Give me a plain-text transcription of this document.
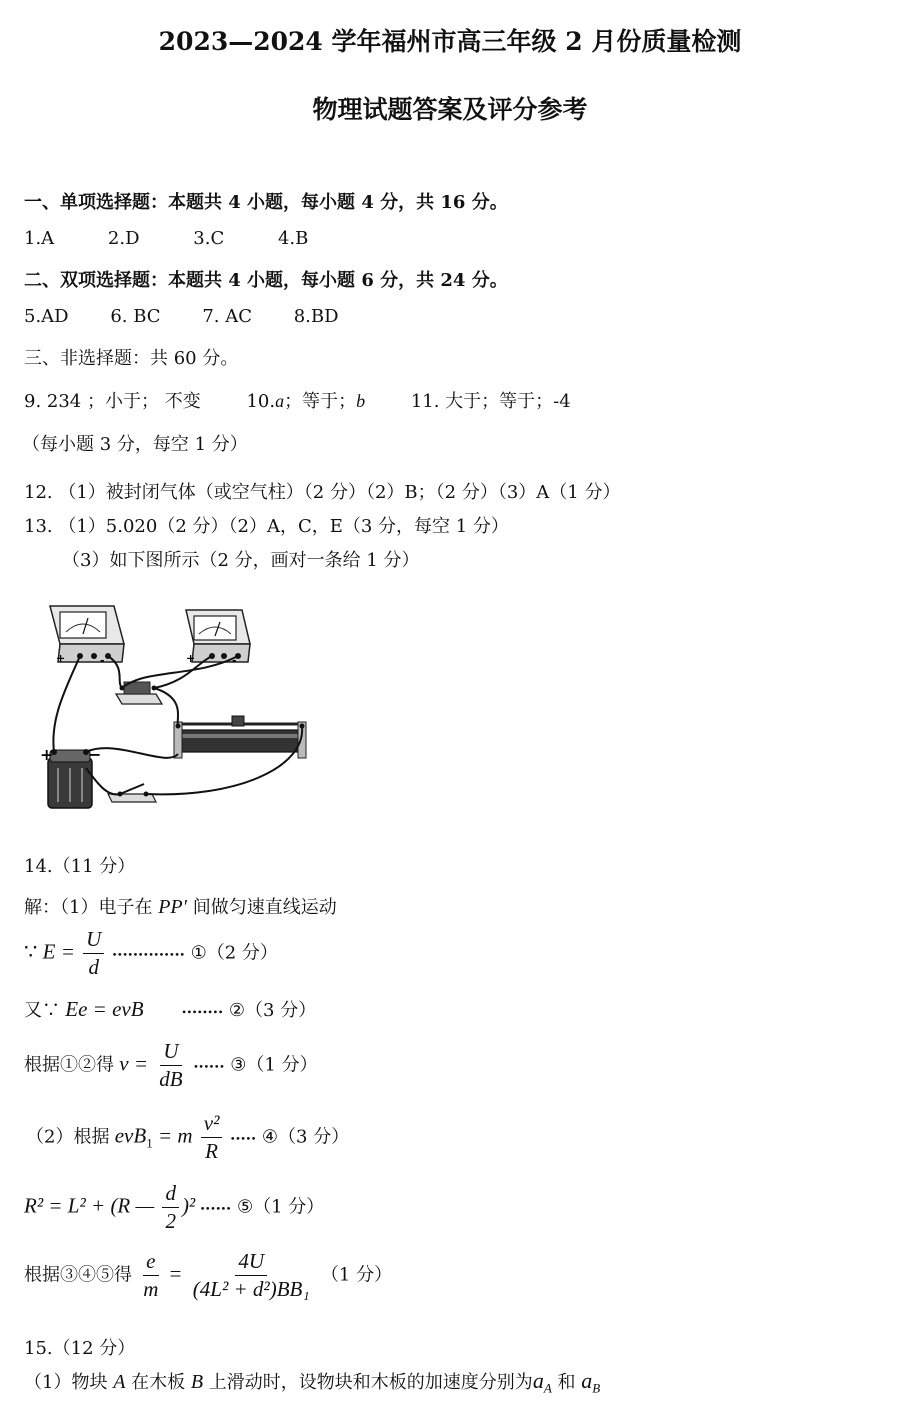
2023—2024 学年福州市高三年级 2 月份质量检测
物理试题答案及评分参考
一、单项选择题：本题共 4 小题，每小题 4 分，共 16 分。
1.A	2.D	3.C	4.B
二、双项选择题：本题共 4 小题，每小题 6 分，共 24 分。
5.AD 6. BC 7. AC 8.BD
三、非选择题：共 60 分。
9. 234 ；小于； 不变	10.a；等于；b	11. 大于；等于；-4
（每小题 3 分，每空 1 分）
12. （1）被封闭气体（或空气柱）（2 分）（2）B；（2 分）（3）A（1 分）
13. （1）5.020（2 分）（2）A，C，E（3 分，每空 1 分）
（3）如下图所示（2 分，画对一条给 1 分）
+	-	+	-
+ −
14.（11 分）
解：（1）电子在 PP′ 间做匀速直线运动
∵ $E = \frac{U}{d}$ •••••••••••••• ①（2 分）
又∵ Ee = evB	•••••••• ②（3 分）
根据①②得 $v = \frac{U}{dB}$ •••••• ③（1 分）
（2）根据 evB$_1$ = m $\frac{\text{v²}}{R}$ ••••• ④（3 分）
R² = L² + (R — $\frac{d}{2} )^2$ •••••• ⑤（1 分）
根据③④⑤得 $\frac{e}{m} = \frac{4U}{\text{(4L² + d²)BB₁}} (1$ 分）
15.（12 分）
（1）物块 A 在木板 B 上滑动时，设物块和木板的加速度分别为$a_A$ 和 $a_B$
